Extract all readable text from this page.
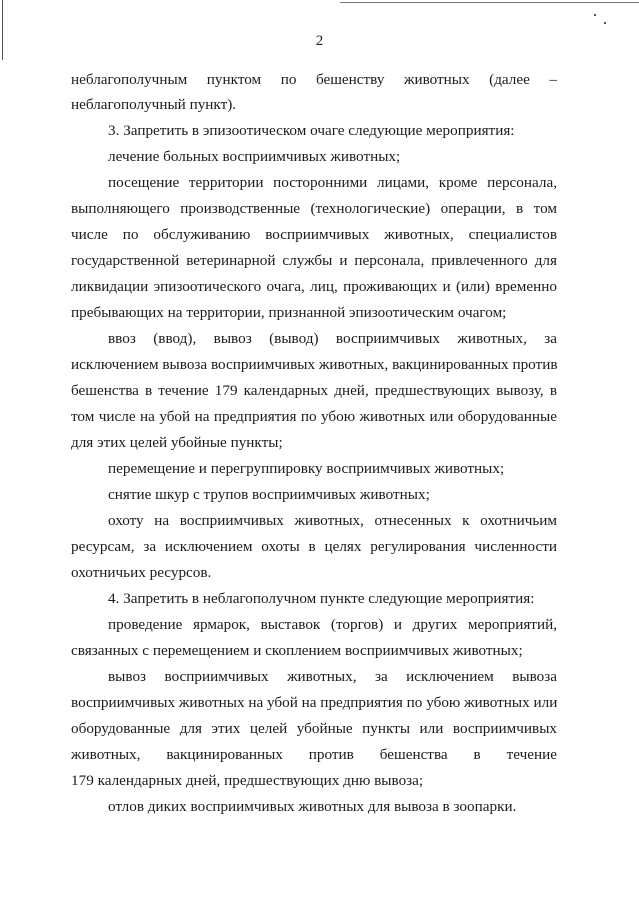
2
неблагополучным пунктом по бешенству животных (далее –
неблагополучный пункт).
3. Запретить в эпизоотическом очаге следующие мероприятия:
лечение больных восприимчивых животных;
посещение территории посторонними лицами, кроме персонала,
выполняющего производственные (технологические) операции, в том
числе по обслуживанию восприимчивых животных, специалистов
государственной ветеринарной службы и персонала, привлеченного для
ликвидации эпизоотического очага, лиц, проживающих и (или) временно
пребывающих на территории, признанной эпизоотическим очагом;
ввоз (ввод), вывоз (вывод) восприимчивых животных, за
исключением вывоза восприимчивых животных, вакцинированных против
бешенства в течение 179 календарных дней, предшествующих вывозу, в
том числе на убой на предприятия по убою животных или оборудованные
для этих целей убойные пункты;
перемещение и перегруппировку восприимчивых животных;
снятие шкур с трупов восприимчивых животных;
охоту на восприимчивых животных, отнесенных к охотничьим
ресурсам, за исключением охоты в целях регулирования численности
охотничьих ресурсов.
4. Запретить в неблагополучном пункте следующие мероприятия:
проведение ярмарок, выставок (торгов) и других мероприятий,
связанных с перемещением и скоплением восприимчивых животных;
вывоз восприимчивых животных, за исключением вывоза
восприимчивых животных на убой на предприятия по убою животных или
оборудованные для этих целей убойные пункты или восприимчивых
животных, вакцинированных против бешенства в течение
179 календарных дней, предшествующих дню вывоза;
отлов диких восприимчивых животных для вывоза в зоопарки.
